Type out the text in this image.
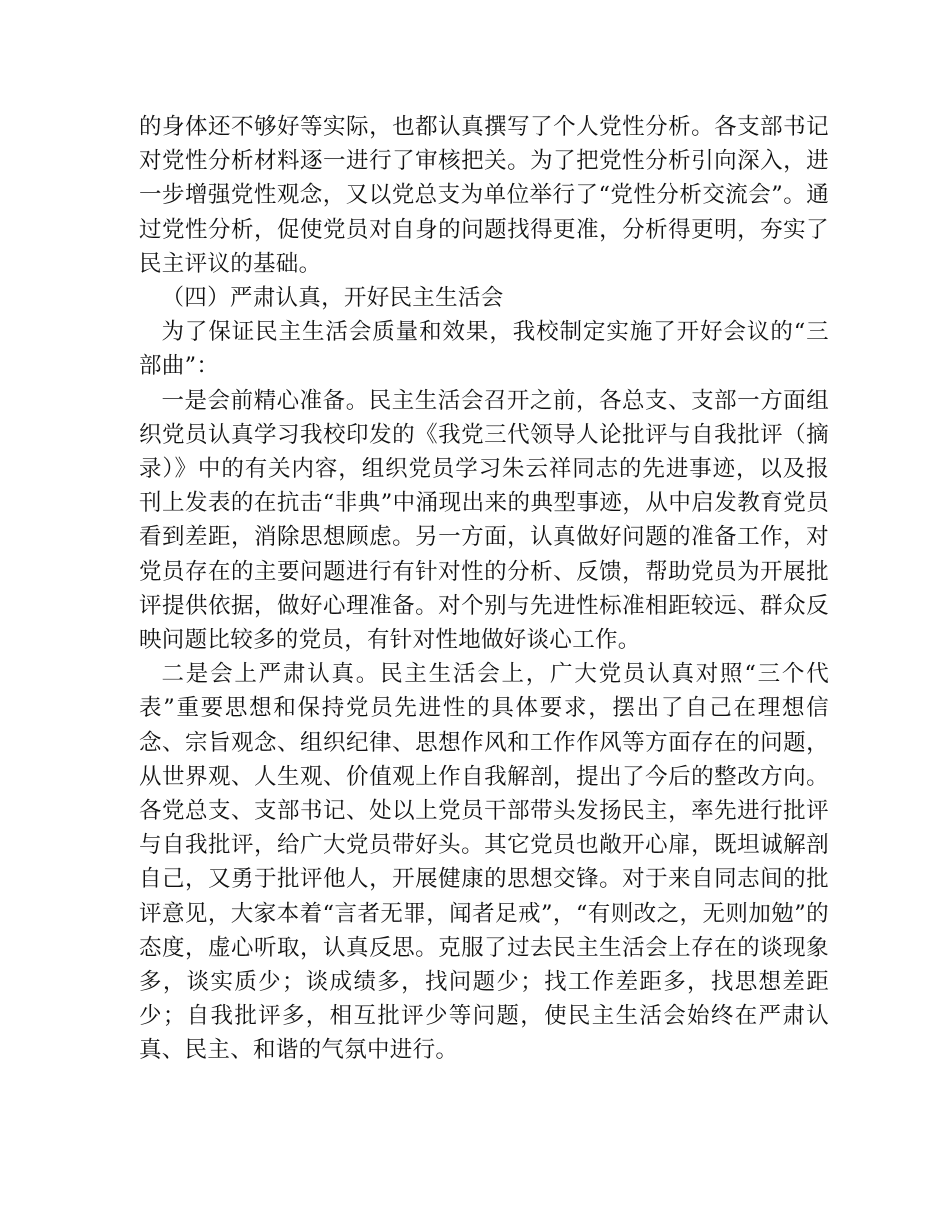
的身体还不够好等实际，也都认真撰写了个人党性分析。各支部书记对党性分析材料逐一进行了审核把关。为了把党性分析引向深入，进一步增强党性观念，又以党总支为单位举行了“党性分析交流会”。通过党性分析，促使党员对自身的问题找得更准，分析得更明，夯实了民主评议的基础。

（四）严肃认真，开好民主生活会

为了保证民主生活会质量和效果，我校制定实施了开好会议的“三部曲”：

一是会前精心准备。民主生活会召开之前，各总支、支部一方面组织党员认真学习我校印发的《我党三代领导人论批评与自我批评（摘录）》中的有关内容，组织党员学习朱云祥同志的先进事迹，以及报刊上发表的在抗击“非典”中涌现出来的典型事迹，从中启发教育党员看到差距，消除思想顾虑。另一方面，认真做好问题的准备工作，对党员存在的主要问题进行有针对性的分析、反馈，帮助党员为开展批评提供依据，做好心理准备。对个别与先进性标准相距较远、群众反映问题比较多的党员，有针对性地做好谈心工作。

二是会上严肃认真。民主生活会上，广大党员认真对照“三个代表”重要思想和保持党员先进性的具体要求，摆出了自己在理想信念、宗旨观念、组织纪律、思想作风和工作作风等方面存在的问题，从世界观、人生观、价值观上作自我解剖，提出了今后的整改方向。各党总支、支部书记、处以上党员干部带头发扬民主，率先进行批评与自我批评，给广大党员带好头。其它党员也敞开心扉，既坦诚解剖自己，又勇于批评他人，开展健康的思想交锋。对于来自同志间的批评意见，大家本着“言者无罪，闻者足戒”，“有则改之，无则加勉”的态度，虚心听取，认真反思。克服了过去民主生活会上存在的谈现象多，谈实质少；谈成绩多，找问题少；找工作差距多，找思想差距少；自我批评多，相互批评少等问题，使民主生活会始终在严肃认真、民主、和谐的气氛中进行。
